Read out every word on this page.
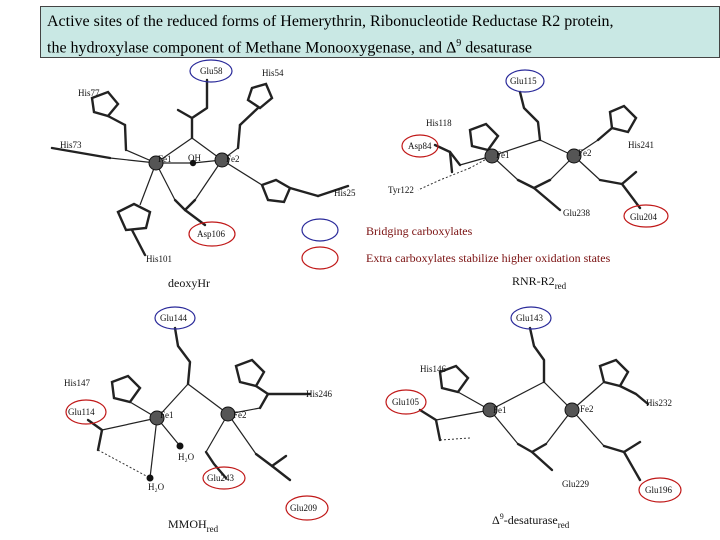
Active sites of the reduced forms of Hemerythrin, Ribonucleotide Reductase R2 protein,
the hydroxylase component of Methane Monooxygenase, and $\Delta^9$ desaturase
Glu58	His54
His77
His73
Fe1 OH	Fe2
His25
Asp106
His101
deoxyHr
Bridging carboxylates
Extra carboxylates stabilize higher oxidation states
Glu115
His118
Asp84
Fe1	Fe2
His241
Tyr122
Glu238	Glu204
RNR-$R2_{red}$
Glu144
His147
Glu114	Fe1	Fe2
His246
H₂O
H₂O
Glu243
Glu209
$MMOH_{red}$
Glu143
His146
Glu105
Fe1	Fe2
His232
Glu229
Glu196
$\Delta^9-desaturase_{red}$
